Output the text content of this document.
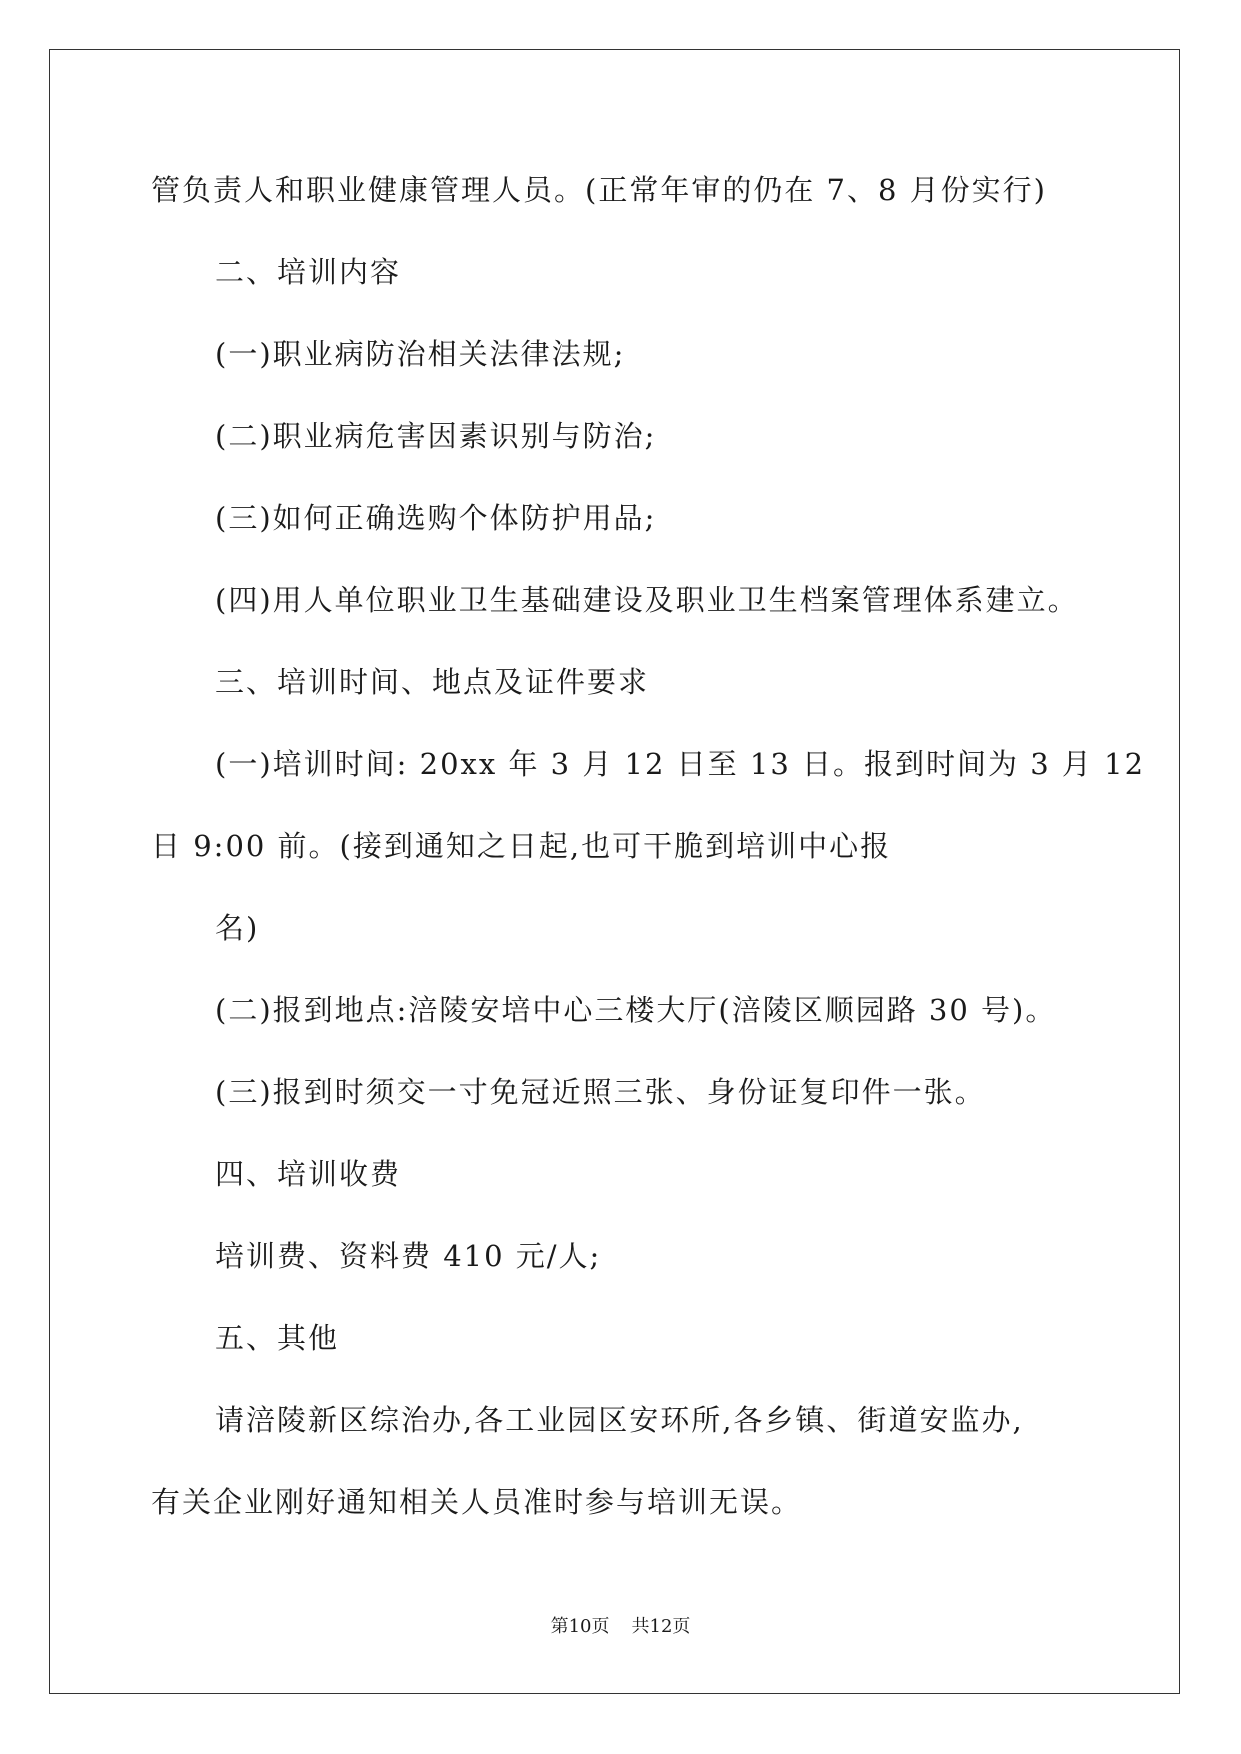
管负责人和职业健康管理人员。(正常年审的仍在 7、8 月份实行)
二、培训内容
(一)职业病防治相关法律法规;
(二)职业病危害因素识别与防治;
(三)如何正确选购个体防护用品;
(四)用人单位职业卫生基础建设及职业卫生档案管理体系建立。
三、培训时间、地点及证件要求
(一)培训时间: 20xx 年 3 月 12 日至 13 日。报到时间为 3 月 12
日 9:00 前。(接到通知之日起,也可干脆到培训中心报
名)
(二)报到地点:涪陵安培中心三楼大厅(涪陵区顺园路 30 号)。
(三)报到时须交一寸免冠近照三张、身份证复印件一张。
四、培训收费
培训费、资料费 410 元/人;
五、其他
请涪陵新区综治办,各工业园区安环所,各乡镇、街道安监办,
有关企业刚好通知相关人员准时参与培训无误。
第10页 共12页
